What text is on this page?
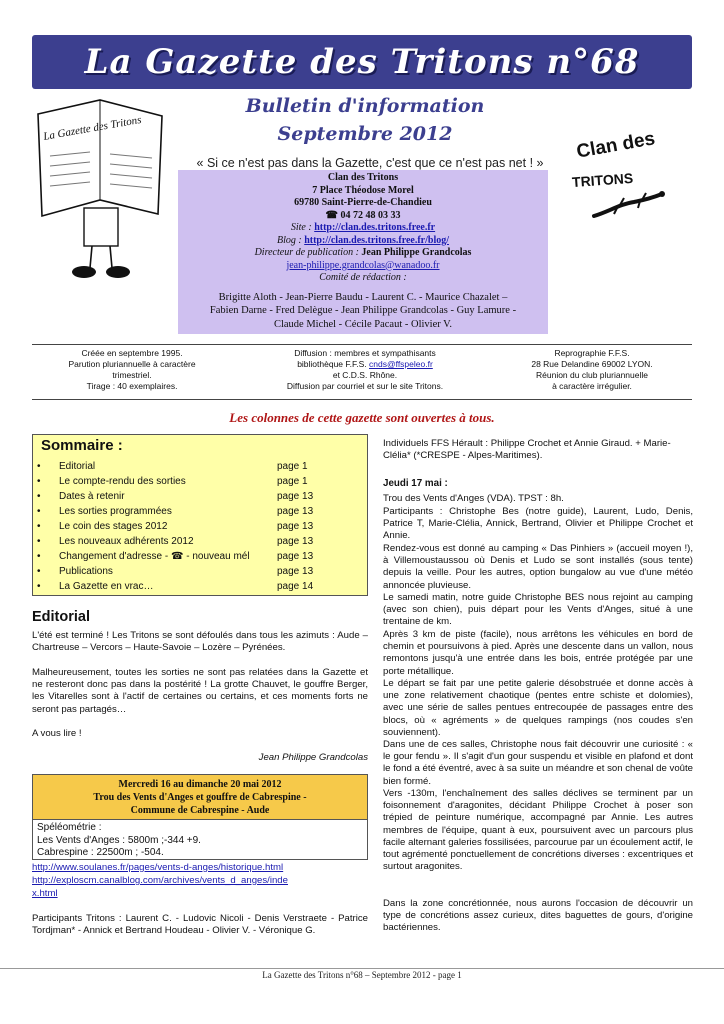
La Gazette des Tritons n°68
Bulletin d'information
Septembre 2012
« Si ce n'est pas dans la Gazette, c'est que ce n'est pas net ! »
La Gazette des Tritons	Clan des
TRITONS
Clan des Tritons
7 Place Théodose Morel
69780 Saint-Pierre-de-Chandieu
☎ 04 72 48 03 33
Site : http://clan.des.tritons.free.fr
Blog : http://clan.des.tritons.free.fr/blog/
Directeur de publication : Jean Philippe Grandcolas
jean-philippe.grandcolas@wanadoo.fr
Comité de rédaction :
Brigitte Aloth - Jean-Pierre Baudu - Laurent C. - Maurice Chazalet –
Fabien Darne - Fred Delègue - Jean Philippe Grandcolas - Guy Lamure -
Claude Michel - Cécile Pacaut - Olivier V.
Créée en septembre 1995.
Parution pluriannuelle à caractère
trimestriel.
Tirage : 40 exemplaires.
Diffusion : membres et sympathisants
bibliothèque F.F.S. cnds@ffspeleo.fr
et C.D.S. Rhône.
Diffusion par courriel et sur le site Tritons.
Reprographie F.F.S.
28 Rue Delandine 69002 LYON.
Réunion du club pluriannuelle
à caractère irrégulier.
Les colonnes de cette gazette sont ouvertes à tous.
Sommaire :
• Editorial	page 1
• Le compte-rendu des sorties	page 1
• Dates à retenir	page 13
• Les sorties programmées	page 13
• Le coin des stages 2012	page 13
• Les nouveaux adhérents 2012	page 13
• Changement d'adresse - ☎ - nouveau mél	page 13
• Publications	page 13
• La Gazette en vrac…	page 14
Editorial
L'été est terminé ! Les Tritons se sont défoulés dans tous les azimuts : Aude – Chartreuse – Vercors – Haute-Savoie – Lozère – Pyrénées.
Malheureusement, toutes les sorties ne sont pas relatées dans la Gazette et ne resteront donc pas dans la postérité ! La grotte Chauvet, le gouffre Berger, les Vitarelles sont à l'actif de certaines ou certains, et ces moments forts ne seront pas partagés…
A vous lire !
Jean Philippe Grandcolas
Mercredi 16 au dimanche 20 mai 2012
Trou des Vents d'Anges et gouffre de Cabrespine -
Commune de Cabrespine - Aude
Spéléométrie :
Les Vents d'Anges : 5800m ;-344 +9.
Cabrespine : 22500m ; -504.
http://www.soulanes.fr/pages/vents-d-anges/historique.html
http://exploscm.canalblog.com/archives/vents_d_anges/inde
x.html
Participants Tritons : Laurent C. - Ludovic Nicoli - Denis Verstraete - Patrice Tordjman* - Annick et Bertrand Houdeau - Olivier V. - Véronique G.
Individuels FFS Hérault : Philippe Crochet et Annie Giraud. + Marie-Clélia* (*CRESPE - Alpes-Maritimes).
Jeudi 17 mai :
Trou des Vents d'Anges (VDA). TPST : 8h.
Participants : Christophe Bes (notre guide), Laurent, Ludo, Denis, Patrice T, Marie-Clélia, Annick, Bertrand, Olivier et Philippe Crochet et Annie.
Rendez-vous est donné au camping « Das Pinhiers » (accueil moyen !), à Villemoustaussou où Denis et Ludo se sont installés (sous tente) depuis la veille. Pour les autres, option bungalow au vue d'une météo annoncée pluvieuse.
Le samedi matin, notre guide Christophe BES nous rejoint au camping (avec son chien), puis départ pour les Vents d'Anges, situé à une trentaine de km.
Après 3 km de piste (facile), nous arrêtons les véhicules en bord de chemin et poursuivons à pied. Après une descente dans un vallon, nous remontons jusqu'à une entrée dans les bois, entrée protégée par une porte métallique.
Le départ se fait par une petite galerie désobstruée et donne accès à une zone relativement chaotique (pentes entre schiste et dolomies), avec une série de salles pentues entrecoupée de passages entre des blocs, où « agréments » de quelques rampings (nos coudes s'en souviennent).
Dans une de ces salles, Christophe nous fait découvrir une curiosité : « le gour fendu ». Il s'agit d'un gour suspendu et visible en plafond et dont le fond a été éventré, avec à sa suite un méandre et son chenal de voûte bien formé.
Vers -130m, l'enchaînement des salles déclives se terminent par un foisonnement d'aragonites, décidant Philippe Crochet à poser son trépied de peinture numérique, accompagné par Annie. Les autres membres de l'équipe, quant à eux, poursuivent avec un parcours plus facile alternant galeries fossilisées, parcourue par un écoulement actif, le tout agrémenté ponctuellement de concrétions diverses : excentriques et surtout aragonites.
Dans la zone concrétionnée, nous aurons l'occasion de découvrir un type de concrétions assez curieux, dites baguettes de gours, d'origine bactériennes.
La Gazette des Tritons n°68 – Septembre 2012 - page 1
